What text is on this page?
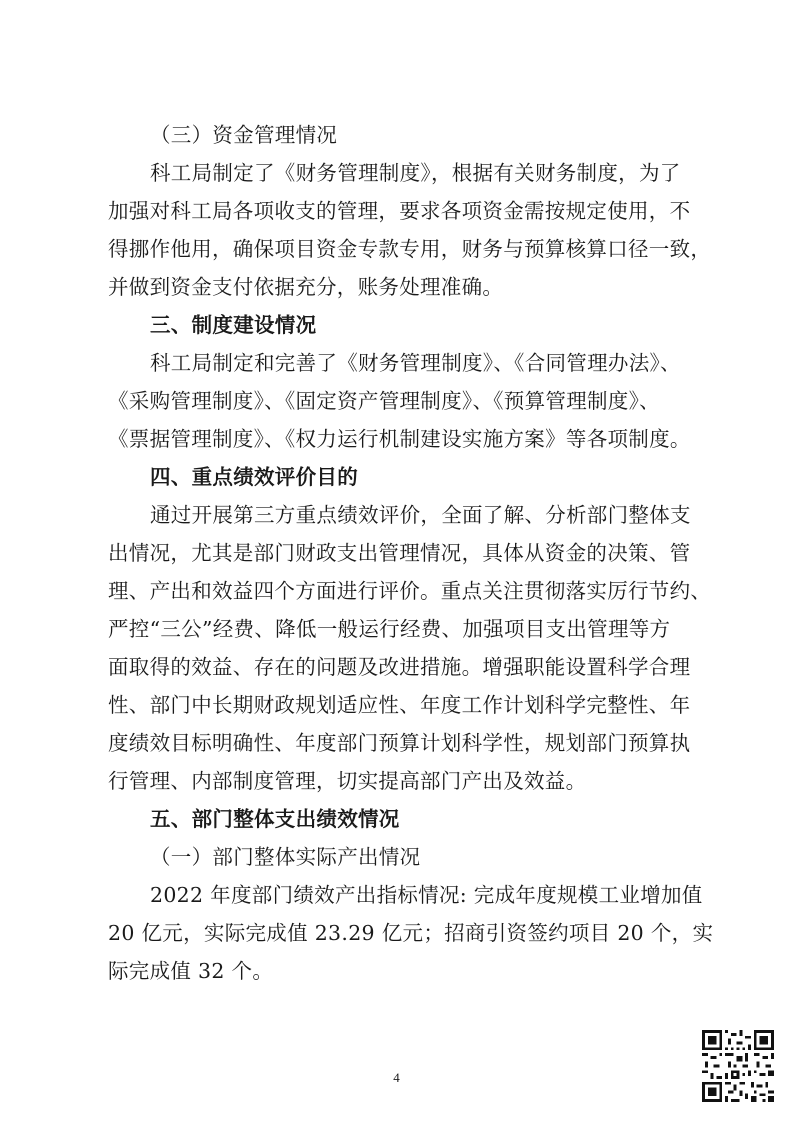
（三）资金管理情况
科工局制定了《财务管理制度》，根据有关财务制度，为了
加强对科工局各项收支的管理，要求各项资金需按规定使用，不
得挪作他用，确保项目资金专款专用，财务与预算核算口径一致，
并做到资金支付依据充分，账务处理准确。
三、制度建设情况
科工局制定和完善了《财务管理制度》、《合同管理办法》、
《采购管理制度》、《固定资产管理制度》、《预算管理制度》、
《票据管理制度》、《权力运行机制建设实施方案》等各项制度。
四、重点绩效评价目的
通过开展第三方重点绩效评价，全面了解、分析部门整体支
出情况，尤其是部门财政支出管理情况，具体从资金的决策、管
理、产出和效益四个方面进行评价。重点关注贯彻落实厉行节约、
严控“三公”经费、降低一般运行经费、加强项目支出管理等方
面取得的效益、存在的问题及改进措施。增强职能设置科学合理
性、部门中长期财政规划适应性、年度工作计划科学完整性、年
度绩效目标明确性、年度部门预算计划科学性，规划部门预算执
行管理、内部制度管理，切实提高部门产出及效益。
五、部门整体支出绩效情况
（一）部门整体实际产出情况
2022 年度部门绩效产出指标情况: 完成年度规模工业增加值
20 亿元，实际完成值 23.29 亿元；招商引资签约项目 20 个，实
际完成值 32 个。
4
